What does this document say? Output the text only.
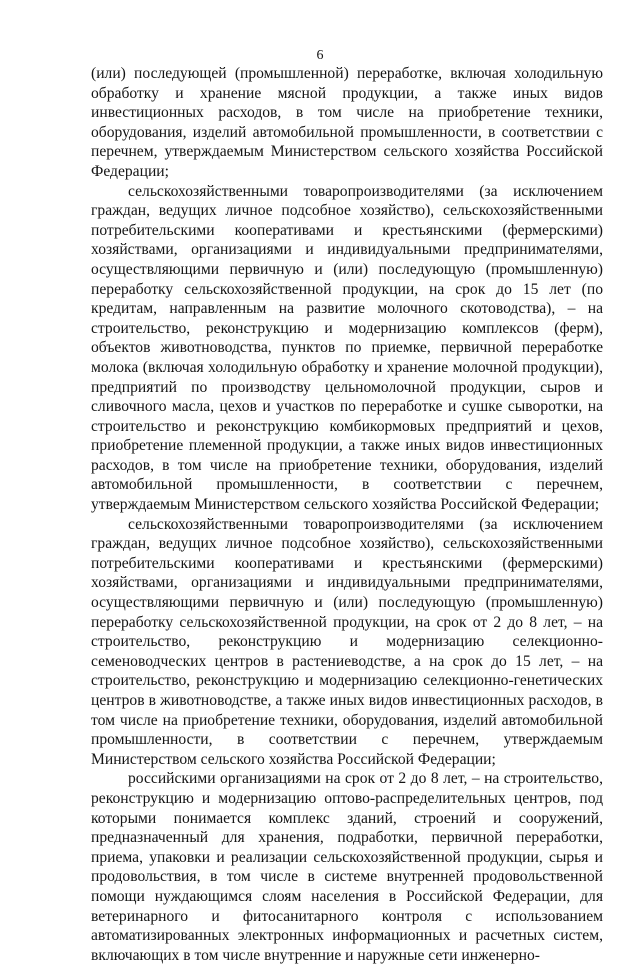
6

(или) последующей (промышленной) переработке, включая холодильную обработку и хранение мясной продукции, а также иных видов инвестиционных расходов, в том числе на приобретение техники, оборудования, изделий автомобильной промышленности, в соответствии с перечнем, утверждаемым Министерством сельского хозяйства Российской Федерации;

сельскохозяйственными товаропроизводителями (за исключением граждан, ведущих личное подсобное хозяйство), сельскохозяйственными потребительскими кооперативами и крестьянскими (фермерскими) хозяйствами, организациями и индивидуальными предпринимателями, осуществляющими первичную и (или) последующую (промышленную) переработку сельскохозяйственной продукции, на срок до 15 лет (по кредитам, направленным на развитие молочного скотоводства), – на строительство, реконструкцию и модернизацию комплексов (ферм), объектов животноводства, пунктов по приемке, первичной переработке молока (включая холодильную обработку и хранение молочной продукции), предприятий по производству цельномолочной продукции, сыров и сливочного масла, цехов и участков по переработке и сушке сыворотки, на строительство и реконструкцию комбикормовых предприятий и цехов, приобретение племенной продукции, а также иных видов инвестиционных расходов, в том числе на приобретение техники, оборудования, изделий автомобильной промышленности, в соответствии с перечнем, утверждаемым Министерством сельского хозяйства Российской Федерации;

сельскохозяйственными товаропроизводителями (за исключением граждан, ведущих личное подсобное хозяйство), сельскохозяйственными потребительскими кооперативами и крестьянскими (фермерскими) хозяйствами, организациями и индивидуальными предпринимателями, осуществляющими первичную и (или) последующую (промышленную) переработку сельскохозяйственной продукции, на срок от 2 до 8 лет, – на строительство, реконструкцию и модернизацию селекционно-семеноводческих центров в растениеводстве, а на срок до 15 лет, – на строительство, реконструкцию и модернизацию селекционно-генетических центров в животноводстве, а также иных видов инвестиционных расходов, в том числе на приобретение техники, оборудования, изделий автомобильной промышленности, в соответствии с перечнем, утверждаемым Министерством сельского хозяйства Российской Федерации;

российскими организациями на срок от 2 до 8 лет, – на строительство, реконструкцию и модернизацию оптово-распределительных центров, под которыми понимается комплекс зданий, строений и сооружений, предназначенный для хранения, подработки, первичной переработки, приема, упаковки и реализации сельскохозяйственной продукции, сырья и продовольствия, в том числе в системе внутренней продовольственной помощи нуждающимся слоям населения в Российской Федерации, для ветеринарного и фитосанитарного контроля с использованием автоматизированных электронных информационных и расчетных систем, включающих в том числе внутренние и наружные сети инженерно-
